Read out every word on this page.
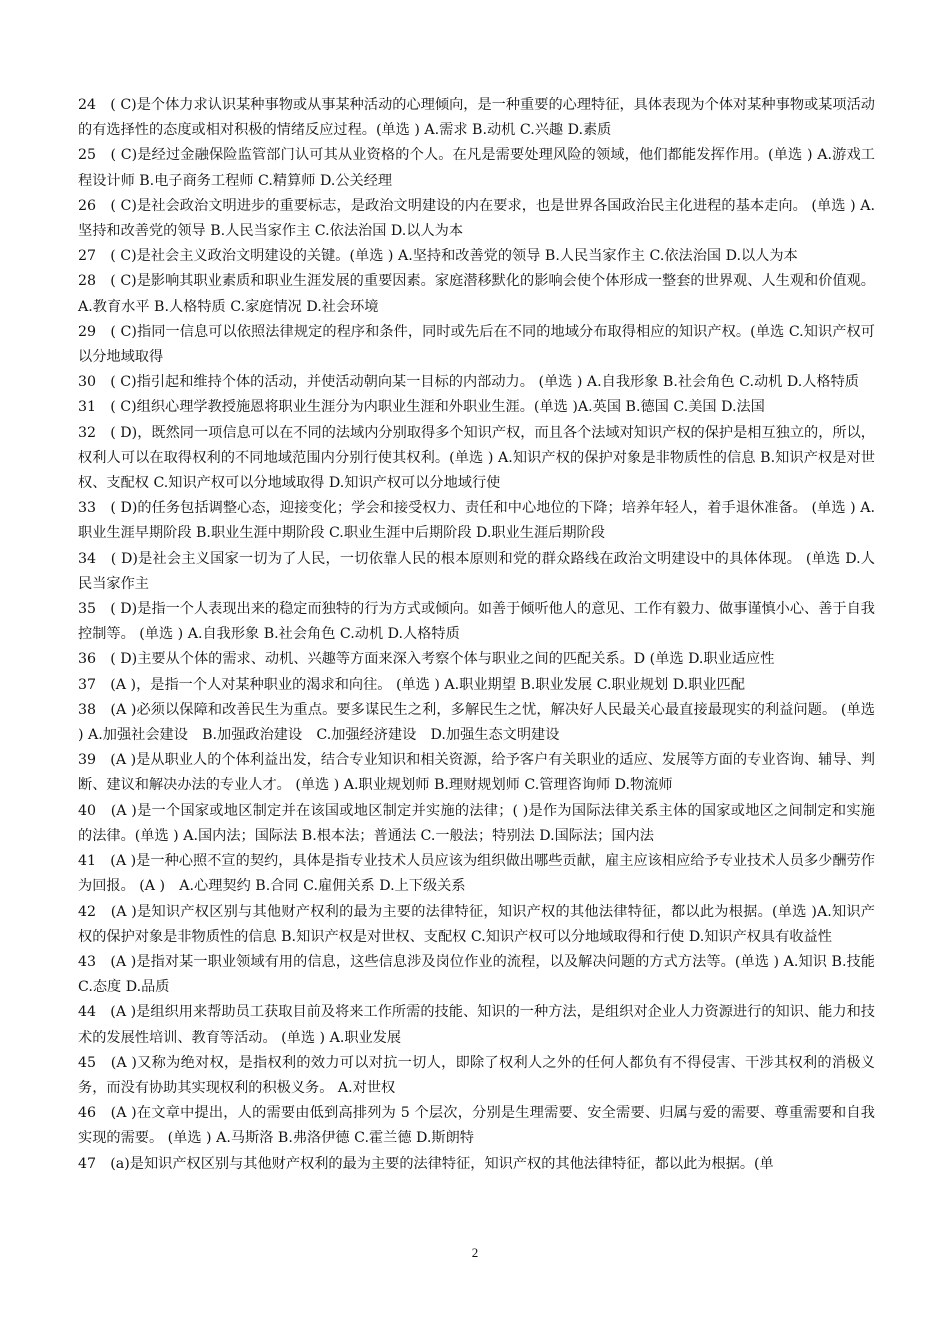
24　( C)是个体力求认识某种事物或从事某种活动的心理倾向，是一种重要的心理特征，具体表现为个体对某种事物或某项活动的有选择性的态度或相对积极的情绪反应过程。(单选 ) A.需求 B.动机 C.兴趣 D.素质

25　( C)是经过金融保险监管部门认可其从业资格的个人。在凡是需要处理风险的领域，他们都能发挥作用。(单选 ) A.游戏工程设计师 B.电子商务工程师 C.精算师 D.公关经理

26　( C)是社会政治文明进步的重要标志，是政治文明建设的内在要求，也是世界各国政治民主化进程的基本走向。 (单选 ) A.坚持和改善党的领导 B.人民当家作主 C.依法治国 D.以人为本

27　( C)是社会主义政治文明建设的关键。(单选 ) A.坚持和改善党的领导 B.人民当家作主 C.依法治国 D.以人为本

28　( C)是影响其职业素质和职业生涯发展的重要因素。家庭潜移默化的影响会使个体形成一整套的世界观、人生观和价值观。 A.教育水平 B.人格特质 C.家庭情况 D.社会环境

29　( C)指同一信息可以依照法律规定的程序和条件，同时或先后在不同的地域分布取得相应的知识产权。(单选 C.知识产权可以分地域取得

30　( C)指引起和维持个体的活动，并使活动朝向某一目标的内部动力。 (单选 ) A.自我形象 B.社会角色 C.动机 D.人格特质

31　( C)组织心理学教授施恩将职业生涯分为内职业生涯和外职业生涯。(单选 )A.英国 B.德国 C.美国 D.法国

32　( D)，既然同一项信息可以在不同的法域内分别取得多个知识产权，而且各个法域对知识产权的保护是相互独立的，所以，权利人可以在取得权利的不同地域范围内分别行使其权利。(单选 ) A.知识产权的保护对象是非物质性的信息 B.知识产权是对世权、支配权 C.知识产权可以分地域取得 D.知识产权可以分地域行使

33　( D)的任务包括调整心态，迎接变化；学会和接受权力、责任和中心地位的下降；培养年轻人，着手退休准备。 (单选 ) A.职业生涯早期阶段 B.职业生涯中期阶段 C.职业生涯中后期阶段 D.职业生涯后期阶段

34　( D)是社会主义国家一切为了人民，一切依靠人民的根本原则和党的群众路线在政治文明建设中的具体体现。 (单选 D.人民当家作主

35　( D)是指一个人表现出来的稳定而独特的行为方式或倾向。如善于倾听他人的意见、工作有毅力、做事谨慎小心、善于自我控制等。 (单选 ) A.自我形象 B.社会角色 C.动机 D.人格特质

36　( D)主要从个体的需求、动机、兴趣等方面来深入考察个体与职业之间的匹配关系。D (单选 D.职业适应性

37　(A )，是指一个人对某种职业的渴求和向往。 (单选 ) A.职业期望 B.职业发展 C.职业规划 D.职业匹配

38　(A )必须以保障和改善民生为重点。要多谋民生之利，多解民生之忧，解决好人民最关心最直接最现实的利益问题。 (单选 ) A.加强社会建设　B.加强政治建设　C.加强经济建设　D.加强生态文明建设

39　(A )是从职业人的个体利益出发，结合专业知识和相关资源，给予客户有关职业的适应、发展等方面的专业咨询、辅导、判断、建议和解决办法的专业人才。 (单选 ) A.职业规划师 B.理财规划师 C.管理咨询师 D.物流师

40　(A )是一个国家或地区制定并在该国或地区制定并实施的法律；( )是作为国际法律关系主体的国家或地区之间制定和实施的法律。(单选 ) A.国内法；国际法 B.根本法；普通法 C.一般法；特别法 D.国际法；国内法

41　(A )是一种心照不宣的契约，具体是指专业技术人员应该为组织做出哪些贡献，雇主应该相应给予专业技术人员多少酬劳作为回报。 (A )　A.心理契约 B.合同 C.雇佣关系 D.上下级关系

42　(A )是知识产权区别与其他财产权利的最为主要的法律特征，知识产权的其他法律特征，都以此为根据。(单选 )A.知识产权的保护对象是非物质性的信息 B.知识产权是对世权、支配权 C.知识产权可以分地域取得和行使 D.知识产权具有收益性

43　(A )是指对某一职业领域有用的信息，这些信息涉及岗位作业的流程，以及解决问题的方式方法等。(单选 ) A.知识 B.技能 C.态度 D.品质

44　(A )是组织用来帮助员工获取目前及将来工作所需的技能、知识的一种方法，是组织对企业人力资源进行的知识、能力和技术的发展性培训、教育等活动。 (单选 ) A.职业发展

45　(A )又称为绝对权，是指权利的效力可以对抗一切人，即除了权利人之外的任何人都负有不得侵害、干涉其权利的消极义务，而没有协助其实现权利的积极义务。 A.对世权

46　(A )在文章中提出，人的需要由低到高排列为 5 个层次，分别是生理需要、安全需要、归属与爱的需要、尊重需要和自我实现的需要。 (单选 ) A.马斯洛 B.弗洛伊德 C.霍兰德 D.斯朗特

47　(a)是知识产权区别与其他财产权利的最为主要的法律特征，知识产权的其他法律特征，都以此为根据。(单

2
